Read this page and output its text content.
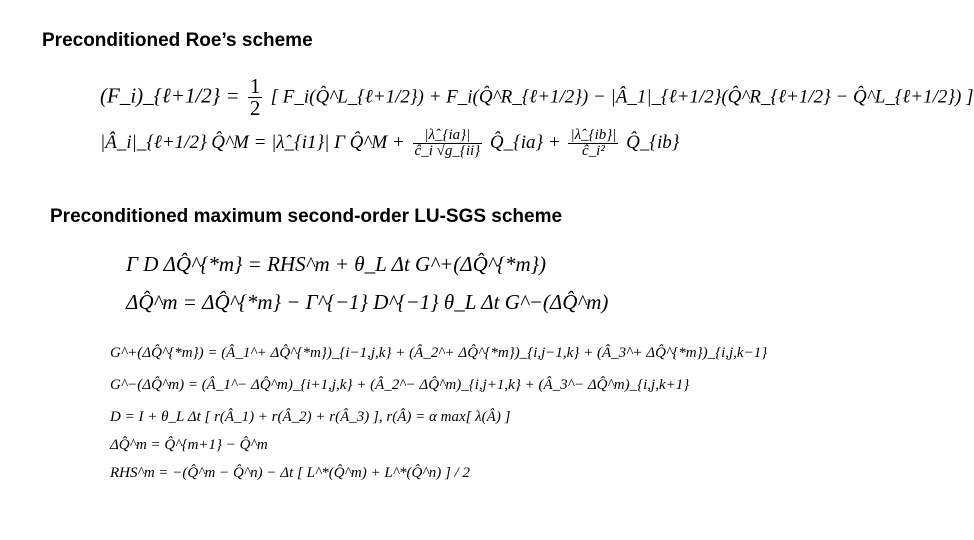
Preconditioned Roe’s scheme
(F_i)_{ℓ+1/2} = $\frac{1}{2}$ [ F_i(Q̂^L_{ℓ+1/2}) + F_i(Q̂^R_{ℓ+1/2}) − |Â_1|_{ℓ+1/2}(Q̂^R_{ℓ+1/2} − Q̂^L_{ℓ+1/2}) ]
|Â_i|_{ℓ+1/2} Q̂^M = |λ̂_{i1}| Γ Q̂^M + $\frac{|\lambdâ\_\{ia\}|}{ĉ\_i √g\_\{ii\}}$ Q̂_{ia} + $\frac{|\lambdâ\_\{ib\}|}{\text{ĉ\_i²}}$ Q̂_{ib}
Preconditioned maximum second-order LU-SGS scheme
Γ D ΔQ̂^{*m} = RHS^m + θ_L Δt G^+(ΔQ̂^{*m})
ΔQ̂^m = ΔQ̂^{*m} − Γ^{−1} D^{−1} θ_L Δt G^−(ΔQ̂^m)
G^+(ΔQ̂^{*m}) = (Â_1^+ ΔQ̂^{*m})_{i−1,j,k} + (Â_2^+ ΔQ̂^{*m})_{i,j−1,k} + (Â_3^+ ΔQ̂^{*m})_{i,j,k−1}
G^−(ΔQ̂^m) = (Â_1^− ΔQ̂^m)_{i+1,j,k} + (Â_2^− ΔQ̂^m)_{i,j+1,k} + (Â_3^− ΔQ̂^m)_{i,j,k+1}
D = I + θ_L Δt [ r(Â_1) + r(Â_2) + r(Â_3) ], r(Â) = α max[ λ(Â) ]
ΔQ̂^m = Q̂^{m+1} − Q̂^m
RHS^m = −(Q̂^m − Q̂^n) − Δt [ L^*(Q̂^m) + L^*(Q̂^n) ] / 2
